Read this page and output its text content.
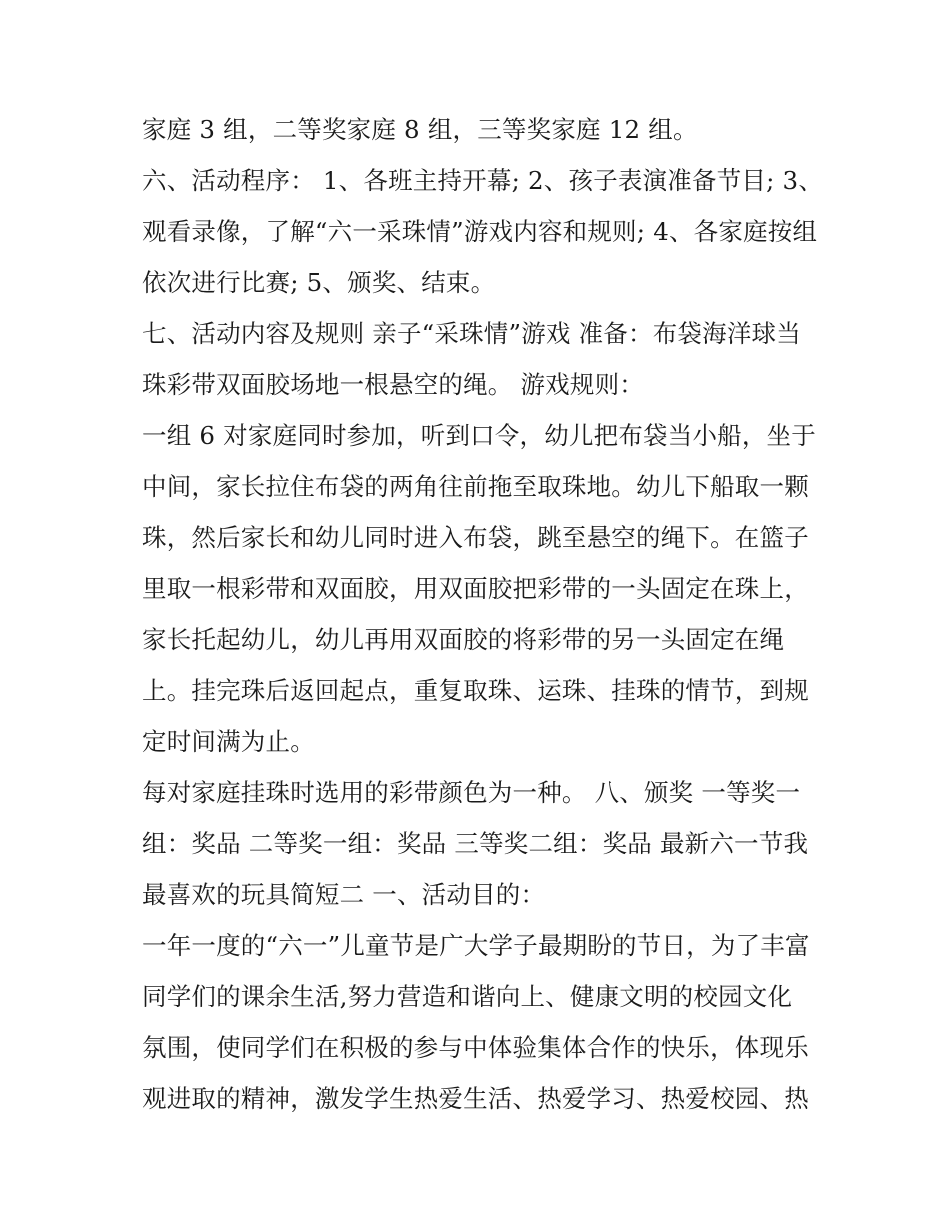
家庭 3 组，二等奖家庭 8 组，三等奖家庭 12 组。
六、活动程序： 1、各班主持开幕; 2、孩子表演准备节目; 3、
观看录像，了解“六一采珠情”游戏内容和规则; 4、各家庭按组
依次进行比赛; 5、颁奖、结束。
七、活动内容及规则 亲子“采珠情”游戏 准备：布袋海洋球当
珠彩带双面胶场地一根悬空的绳。 游戏规则：
一组 6 对家庭同时参加，听到口令，幼儿把布袋当小船，坐于
中间，家长拉住布袋的两角往前拖至取珠地。幼儿下船取一颗
珠，然后家长和幼儿同时进入布袋，跳至悬空的绳下。在篮子
里取一根彩带和双面胶，用双面胶把彩带的一头固定在珠上，
家长托起幼儿，幼儿再用双面胶的将彩带的另一头固定在绳
上。挂完珠后返回起点，重复取珠、运珠、挂珠的情节，到规
定时间满为止。
每对家庭挂珠时选用的彩带颜色为一种。 八、颁奖 一等奖一
组：奖品 二等奖一组：奖品 三等奖二组：奖品 最新六一节我
最喜欢的玩具简短二 一、活动目的：
一年一度的“六一”儿童节是广大学子最期盼的节日，为了丰富
同学们的课余生活,努力营造和谐向上、健康文明的校园文化
氛围，使同学们在积极的参与中体验集体合作的快乐，体现乐
观进取的精神，激发学生热爱生活、热爱学习、热爱校园、热
